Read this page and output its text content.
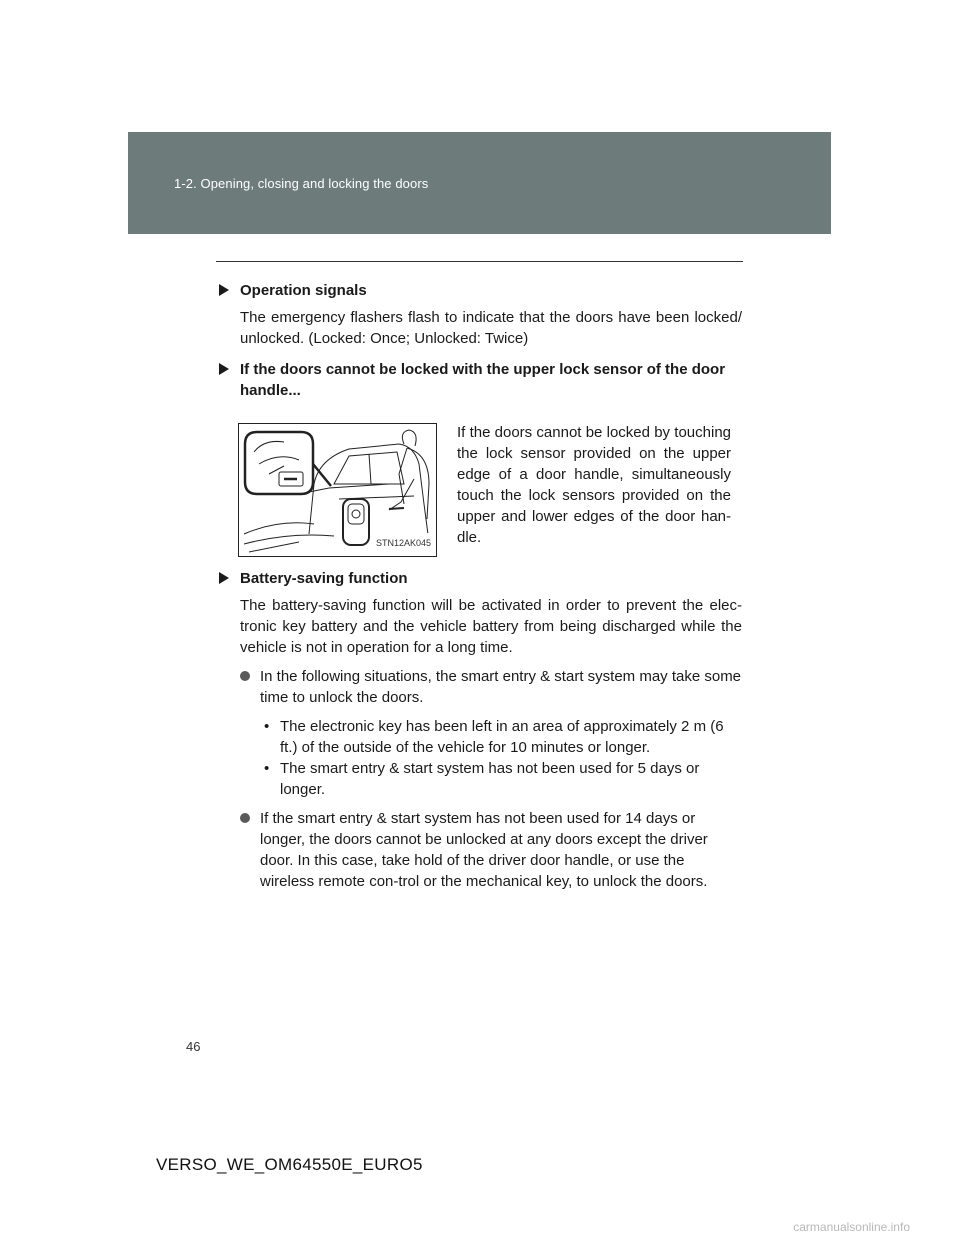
1-2. Opening, closing and locking the doors

Operation signals

The emergency flashers flash to indicate that the doors have been locked/ unlocked. (Locked: Once; Unlocked: Twice)

If the doors cannot be locked with the upper lock sensor of the door handle...

STN12AK045

If the doors cannot be locked by touching the lock sensor provided on the upper edge of a door handle, simultaneously touch the lock sensors provided on the upper and lower edges of the door han-dle.

Battery-saving function

The battery-saving function will be activated in order to prevent the elec-tronic key battery and the vehicle battery from being discharged while the vehicle is not in operation for a long time.

In the following situations, the smart entry & start system may take some time to unlock the doors.
• The electronic key has been left in an area of approximately 2 m (6 ft.) of the outside of the vehicle for 10 minutes or longer.
• The smart entry & start system has not been used for 5 days or longer.
If the smart entry & start system has not been used for 14 days or longer, the doors cannot be unlocked at any doors except the driver door. In this case, take hold of the driver door handle, or use the wireless remote con-trol or the mechanical key, to unlock the doors.
46
VERSO_WE_OM64550E_EURO5
carmanualsonline.info
